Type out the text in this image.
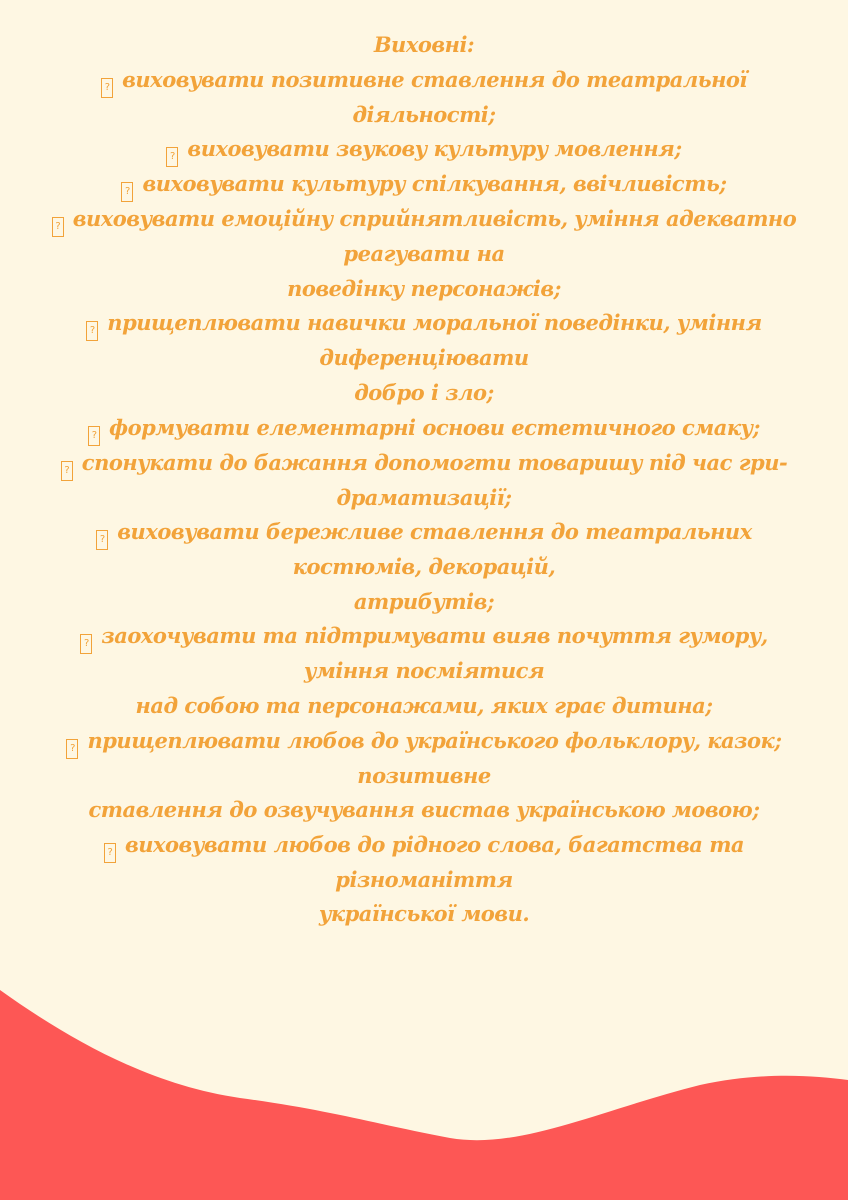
Виховні:
? виховувати позитивне ставлення до театральної
діяльності;
? виховувати звукову культуру мовлення;
? виховувати культуру спілкування, ввічливість;
? виховувати емоційну сприйнятливість, уміння адекватно
реагувати на
поведінку персонажів;
? прищеплювати навички моральної поведінки, уміння
диференціювати
добро і зло;
? формувати елементарні основи естетичного смаку;
? спонукати до бажання допомогти товаришу під час гри-
драматизації;
? виховувати бережливе ставлення до театральних
костюмів, декорацій,
атрибутів;
? заохочувати та підтримувати вияв почуття гумору,
уміння посміятися
над собою та персонажами, яких грає дитина;
? прищеплювати любов до українського фольклору, казок;
позитивне
ставлення до озвучування вистав українською мовою;
? виховувати любов до рідного слова, багатства та
різноманіття
української мови.
